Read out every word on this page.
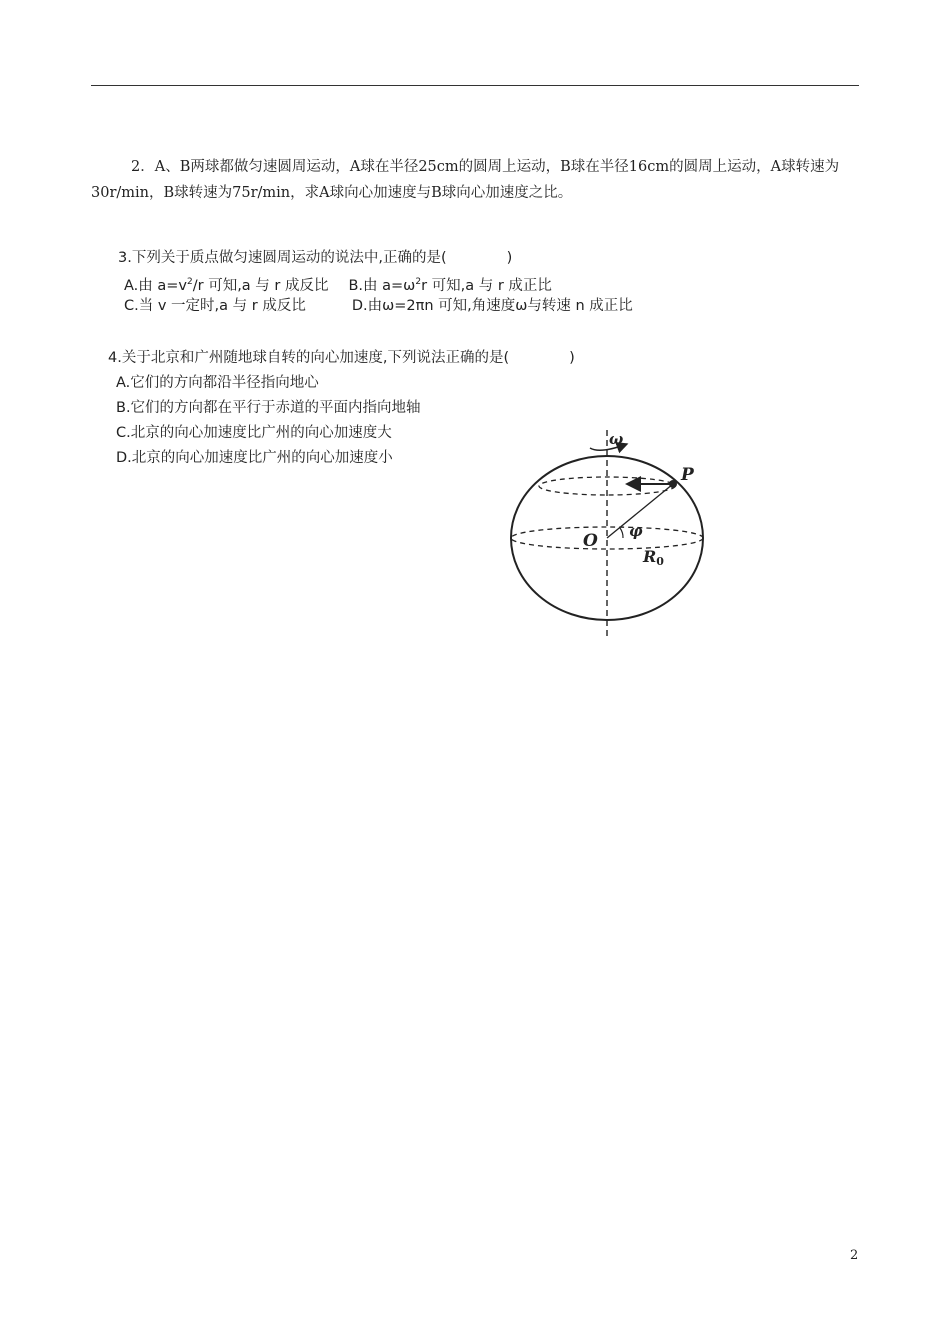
2．A、B两球都做匀速圆周运动，A球在半径25cm的圆周上运动，B球在半径16cm的圆周上运动，A球转速为30r/min，B球转速为75r/min，求A球向心加速度与B球向心加速度之比。
3.下列关于质点做匀速圆周运动的说法中,正确的是(	)
A.由 $a=v^2/r$ 可知,a 与 r 成反比 B.由 $a=\omega^2r$ 可知,a 与 r 成正比
C.当 v 一定时,a 与 r 成反比	D.由ω=2πn 可知,角速度ω与转速 n 成正比
4.关于北京和广州随地球自转的向心加速度,下列说法正确的是(	)
A.它们的方向都沿半径指向地心
B.它们的方向都在平行于赤道的平面内指向地轴
C.北京的向心加速度比广州的向心加速度大
D.北京的向心加速度比广州的向心加速度小
ω
P
O φ
R0
2
